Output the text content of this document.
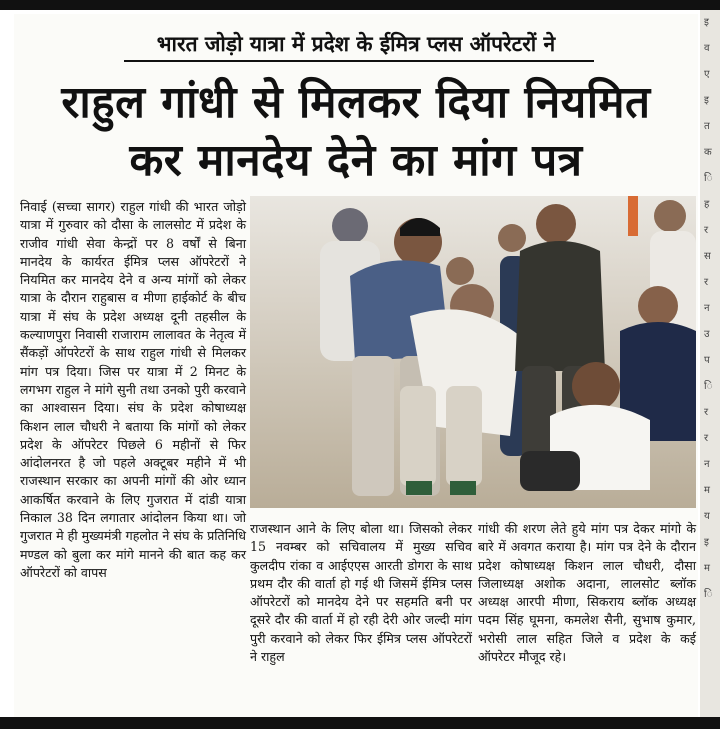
इ
व
ए
इ
त
क
ि
ह
र
स
र
न
उ
प
ि
र
र
न
म
य
इ
म
ि
भारत जोड़ो यात्रा में प्रदेश के ईमित्र प्लस ऑपरेटरों ने
राहुल गांधी से मिलकर दिया नियमित
कर मानदेय देने का मांग पत्र

निवाई (सच्चा सागर) राहुल गांधी की भारत जोड़ो यात्रा में गुरुवार को दौसा के लालसोट में प्रदेश के राजीव गांधी सेवा केन्द्रों पर 8 वर्षों से बिना मानदेय के कार्यरत ईमित्र प्लस ऑपरेटरों ने नियमित कर मानदेय देने व अन्य मांगों को लेकर यात्रा के दौरान राहुबास व मीणा हाईकोर्ट के बीच यात्रा में संघ के प्रदेश अध्यक्ष दूनी तहसील के कल्याणपुरा निवासी राजाराम लालावत के नेतृत्व में सैंकड़ों ऑपरेटरों के साथ राहुल गांधी से मिलकर मांग पत्र दिया। जिस पर यात्रा में 2 मिनट के लगभग राहुल ने मांगे सुनी तथा उनको पुरी करवाने का आश्वासन दिया। संघ के प्रदेश कोषाध्यक्ष किशन लाल चौधरी ने बताया कि मांगों को लेकर प्रदेश के ऑपरेटर पिछले 6 महीनों से फिर आंदोलनरत है जो पहले अक्टूबर महीने में भी राजस्थान सरकार का अपनी मांगों की ओर ध्यान आकर्षित करवाने के लिए गुजरात में दांडी यात्रा निकाल 38 दिन लगातार आंदोलन किया था। जो गुजरात मे ही मुख्यमंत्री गहलोत ने संघ के प्रतिनिधि मण्डल को बुला कर मांगे मानने की बात कह कर ऑपरेटरों को वापस

राजस्थान आने के लिए बोला था। जिसको लेकर 15 नवम्बर को सचिवालय में मुख्य सचिव कुलदीप रांका व आईएएस आरती डोगरा के साथ प्रथम दौर की वार्ता हो गई थी जिसमें ईमित्र प्लस ऑपरेटरों को मानदेय देने पर सहमति बनी पर दूसरे दौर की वार्ता में हो रही देरी ओर जल्दी मांग पुरी करवाने को लेकर फिर ईमित्र प्लस ऑपरेटरों ने राहुल

गांधी की शरण लेते हुये मांग पत्र देकर मांगो के बारे में अवगत कराया है। मांग पत्र देने के दौरान प्रदेश कोषाध्यक्ष किशन लाल चौधरी, दौसा जिलाध्यक्ष अशोक अदाना, लालसोट ब्लॉक अध्यक्ष आरपी मीणा, सिकराय ब्लॉक अध्यक्ष पदम सिंह घूमना, कमलेश सैनी, सुभाष कुमार, भरोसी लाल सहित जिले व प्रदेश के कई ऑपरेटर मौजूद रहे।
